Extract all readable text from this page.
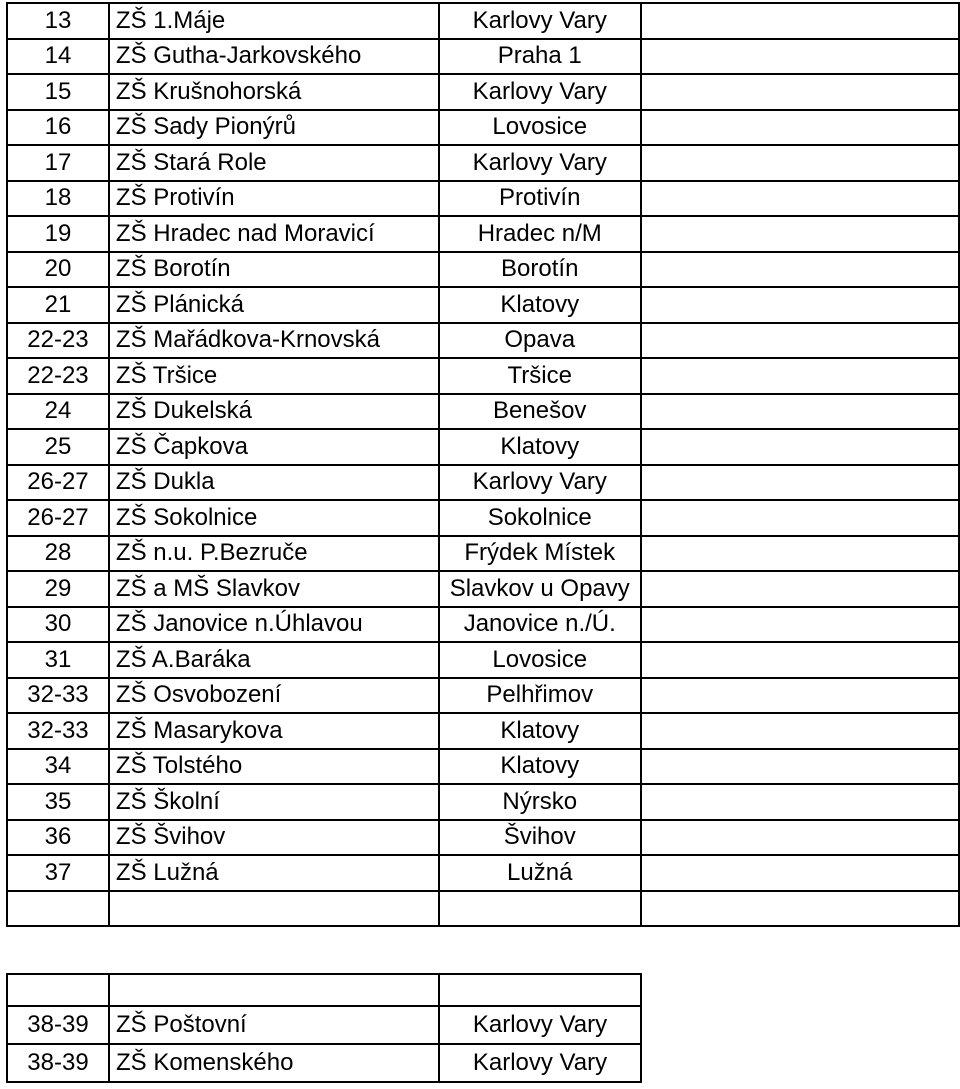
13	ZŠ 1.Máje	Karlovy Vary	
14	ZŠ Gutha-Jarkovského	Praha 1	
15	ZŠ Krušnohorská	Karlovy Vary	
16	ZŠ Sady Pionýrů	Lovosice	
17	ZŠ Stará Role	Karlovy Vary	
18	ZŠ Protivín	Protivín	
19	ZŠ Hradec nad Moravicí	Hradec n/M	
20	ZŠ Borotín	Borotín	
21	ZŠ Plánická	Klatovy	
22-23	ZŠ Mařádkova-Krnovská	Opava	
22-23	ZŠ Tršice	Tršice	
24	ZŠ Dukelská	Benešov	
25	ZŠ Čapkova	Klatovy	
26-27	ZŠ Dukla	Karlovy Vary	
26-27	ZŠ Sokolnice	Sokolnice	
28	ZŠ n.u. P.Bezruče	Frýdek Místek	
29	ZŠ a MŠ Slavkov	Slavkov u Opavy	
30	ZŠ Janovice n.Úhlavou	Janovice n./Ú.	
31	ZŠ A.Baráka	Lovosice	
32-33	ZŠ Osvobození	Pelhřimov	
32-33	ZŠ Masarykova	Klatovy	
34	ZŠ Tolstého	Klatovy	
35	ZŠ Školní	Nýrsko	
36	ZŠ Švihov	Švihov	
37	ZŠ Lužná	Lužná	

38-39	ZŠ Poštovní	Karlovy Vary	
38-39	ZŠ Komenského	Karlovy Vary	
